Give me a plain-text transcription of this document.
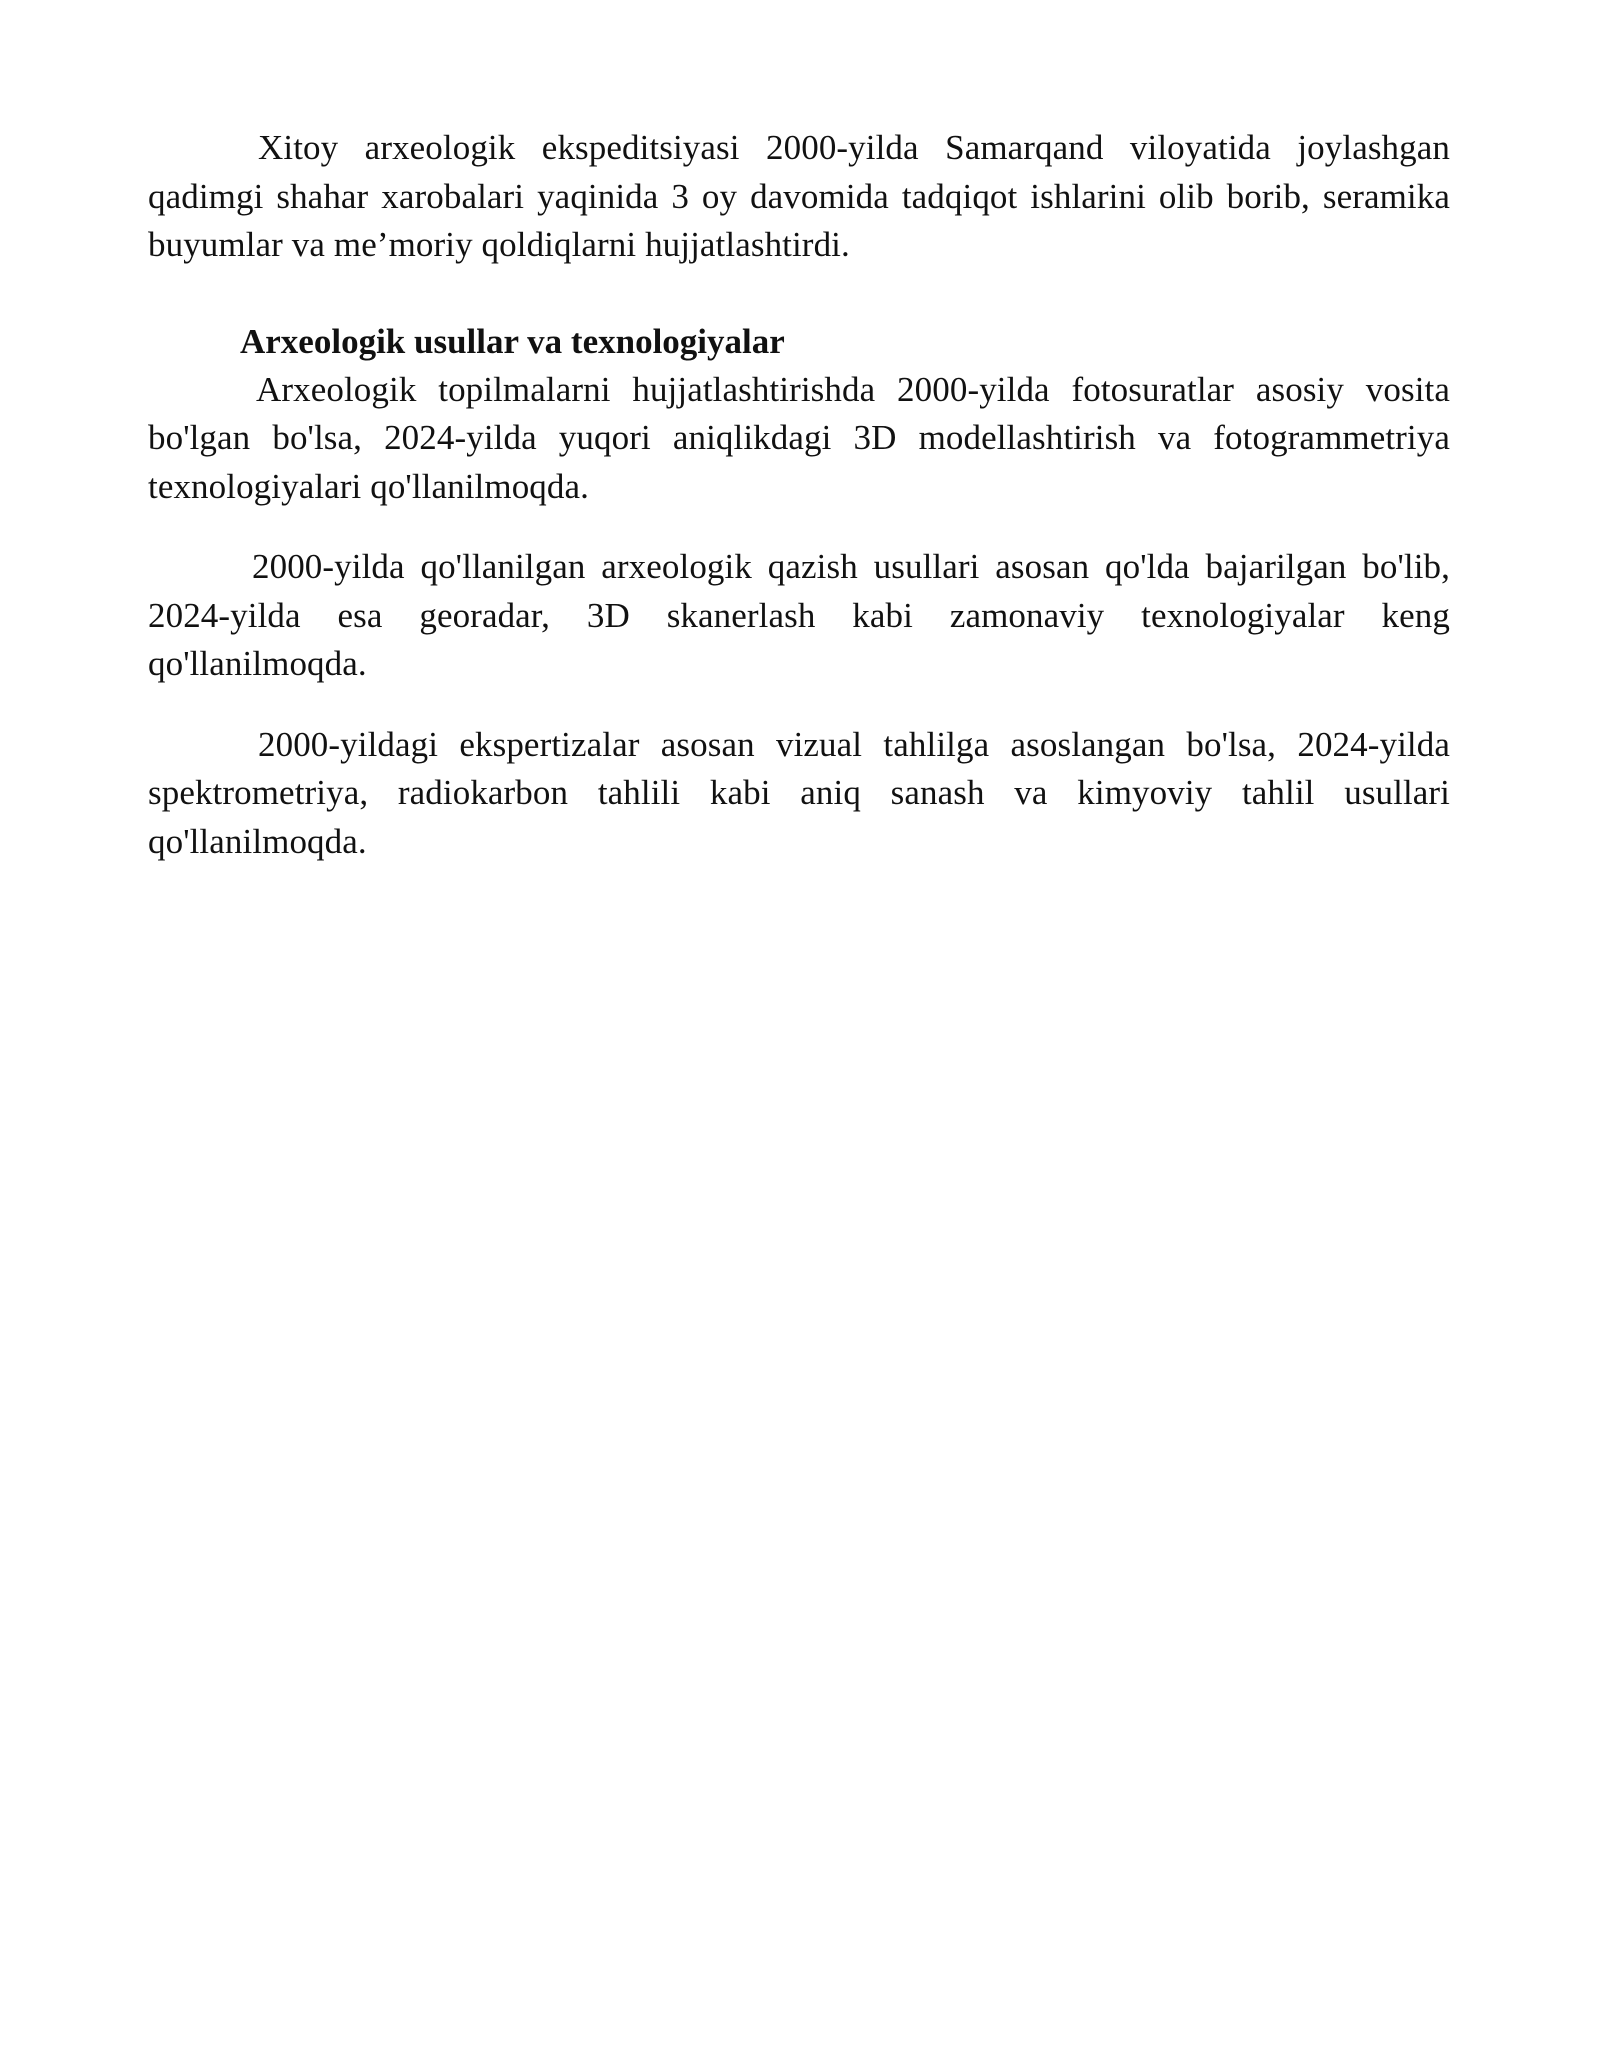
Xitoy arxeologik ekspeditsiyasi 2000-yilda Samarqand viloyatida joylashgan qadimgi shahar xarobalari yaqinida 3 oy davomida tadqiqot ishlarini olib borib, seramika buyumlar va me’moriy qoldiqlarni hujjatlashtirdi.

Arxeologik usullar va texnologiyalar

Arxeologik topilmalarni hujjatlashtirishda 2000-yilda fotosuratlar asosiy vosita bo'lgan bo'lsa, 2024-yilda yuqori aniqlikdagi 3D modellashtirish va fotogrammetriya texnologiyalari qo'llanilmoqda.

2000-yilda qo'llanilgan arxeologik qazish usullari asosan qo'lda bajarilgan bo'lib, 2024-yilda esa georadar, 3D skanerlash kabi zamonaviy texnologiyalar keng qo'llanilmoqda.

2000-yildagi ekspertizalar asosan vizual tahlilga asoslangan bo'lsa, 2024-yilda spektrometriya, radiokarbon tahlili kabi aniq sanash va kimyoviy tahlil usullari qo'llanilmoqda.
